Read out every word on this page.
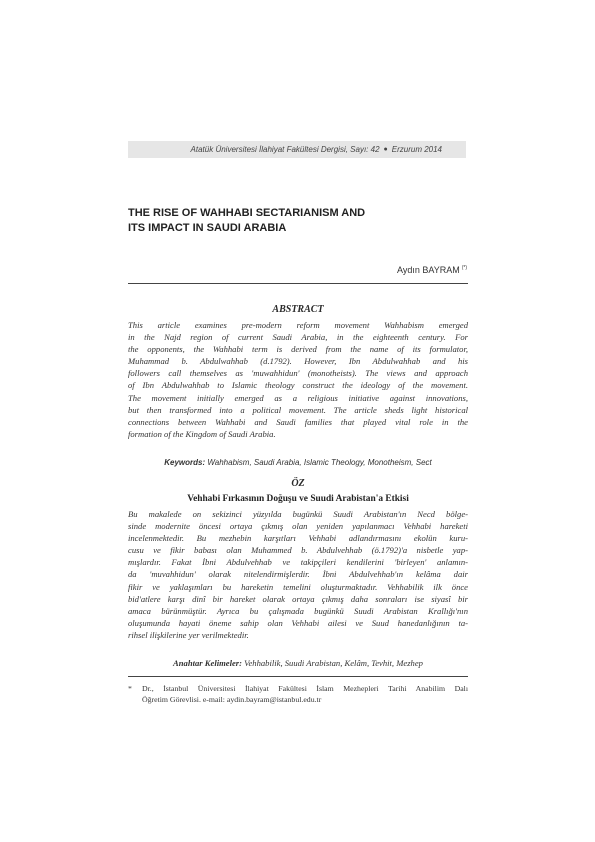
Atatük Üniversitesi İlahiyat Fakültesi Dergisi, Sayı: 42 ● Erzurum 2014
THE RISE OF WAHHABI SECTARIANISM AND
ITS IMPACT IN SAUDI ARABIA
Aydın BAYRAM (*)
ABSTRACT

This article examines pre-modern reform movement Wahhabism emerged
in the Najd region of current Saudi Arabia, in the eighteenth century. For
the opponents, the Wahhabi term is derived from the name of its formulator,
Muhammad b. Abdulwahhab (d.1792). However, Ibn Abdulwahhab and his
followers call themselves as 'muwahhidun' (monotheists). The views and approach
of Ibn Abdulwahhab to Islamic theology construct the ideology of the movement.
The movement initially emerged as a religious initiative against innovations,
but then transformed into a political movement. The article sheds light historical
connections between Wahhabi and Saudi families that played vital role in the
formation of the Kingdom of Saudi Arabia.

Keywords: Wahhabism, Saudi Arabia, Islamic Theology, Monotheism, Sect

ÖZ
Vehhabi Fırkasının Doğuşu ve Suudi Arabistan'a Etkisi

Bu makalede on sekizinci yüzyılda bugünkü Suudi Arabistan'ın Necd bölge-
sinde modernite öncesi ortaya çıkmış olan yeniden yapılanmacı Vehhabi hareketi
incelenmektedir. Bu mezhebin karşıtları Vehhabi adlandırmasını ekolün kuru-
cusu ve fikir babası olan Muhammed b. Abdulvehhab (ö.1792)'a nisbetle yap-
mışlardır. Fakat İbni Abdulvehhab ve takipçileri kendilerini 'birleyen' anlamın-
da 'muvahhidun' olarak nitelendirmişlerdir. İbni Abdulvehhab'ın kelâma dair
fikir ve yaklaşımları bu hareketin temelini oluşturmaktadır. Vehhabilik ilk önce
bid'atlere karşı dinî bir hareket olarak ortaya çıkmış daha sonraları ise siyasî bir
amaca bürünmüştür. Ayrıca bu çalışmada bugünkü Suudi Arabistan Krallığı'nın
oluşumunda hayati öneme sahip olan Vehhabi ailesi ve Suud hanedanlığının ta-
rihsel ilişkilerine yer verilmektedir.

Anahtar Kelimeler: Vehhabilik, Suudi Arabistan, Kelâm, Tevhit, Mezhep

*	Dr., İstanbul Üniversitesi İlahiyat Fakültesi İslam Mezhepleri Tarihi Anabilim Dalı
Öğretim Görevlisi. e-mail: aydin.bayram@istanbul.edu.tr
